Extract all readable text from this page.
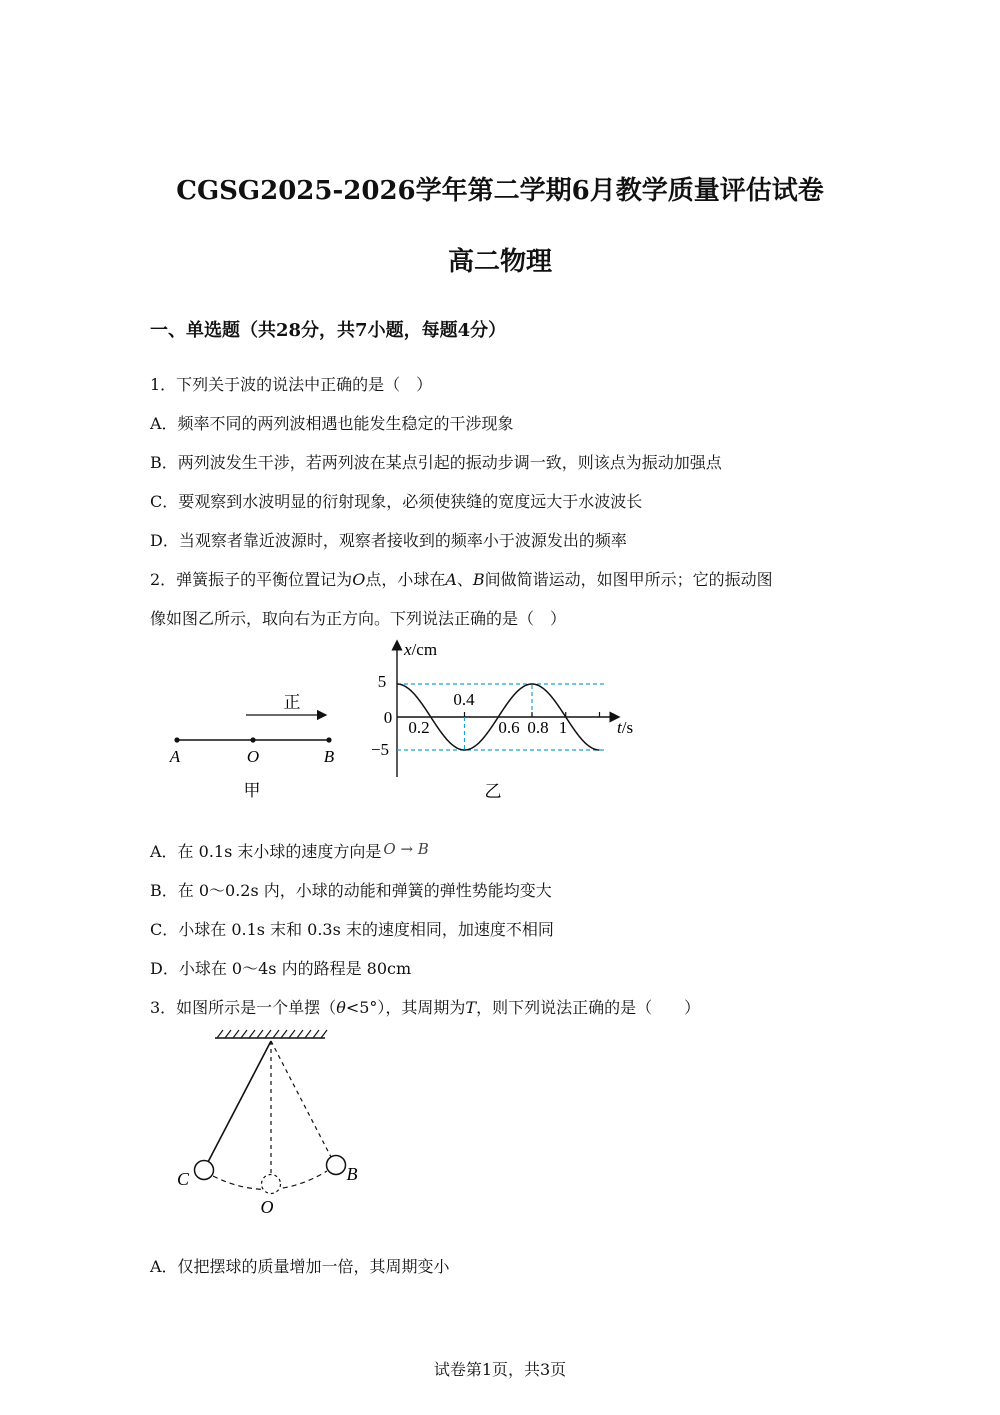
CGSG2025-2026学年第二学期6月教学质量评估试卷
高二物理
一、单选题（共28分，共7小题，每题4分）
1．下列关于波的说法中正确的是（　）
A．频率不同的两列波相遇也能发生稳定的干涉现象
B．两列波发生干涉，若两列波在某点引起的振动步调一致，则该点为振动加强点
C．要观察到水波明显的衍射现象，必须使狭缝的宽度远大于水波波长
D．当观察者靠近波源时，观察者接收到的频率小于波源发出的频率
2．弹簧振子的平衡位置记为O点，小球在A、B间做简谐运动，如图甲所示；它的振动图
像如图乙所示，取向右为正方向。下列说法正确的是（　）
正
A	O	B
甲
x/cm
t/s
5
0
−5
0.2
0.4
0.6 0.8 1
乙
A．在 0.1s 末小球的速度方向是 O → B
B．在 0～0.2s 内，小球的动能和弹簧的弹性势能均变大
C．小球在 0.1s 末和 0.3s 末的速度相同，加速度不相同
D．小球在 0～4s 内的路程是 80cm
3．如图所示是一个单摆（θ<5°），其周期为T，则下列说法正确的是（　　）
C	B
O
A．仅把摆球的质量增加一倍，其周期变小
试卷第1页，共3页
